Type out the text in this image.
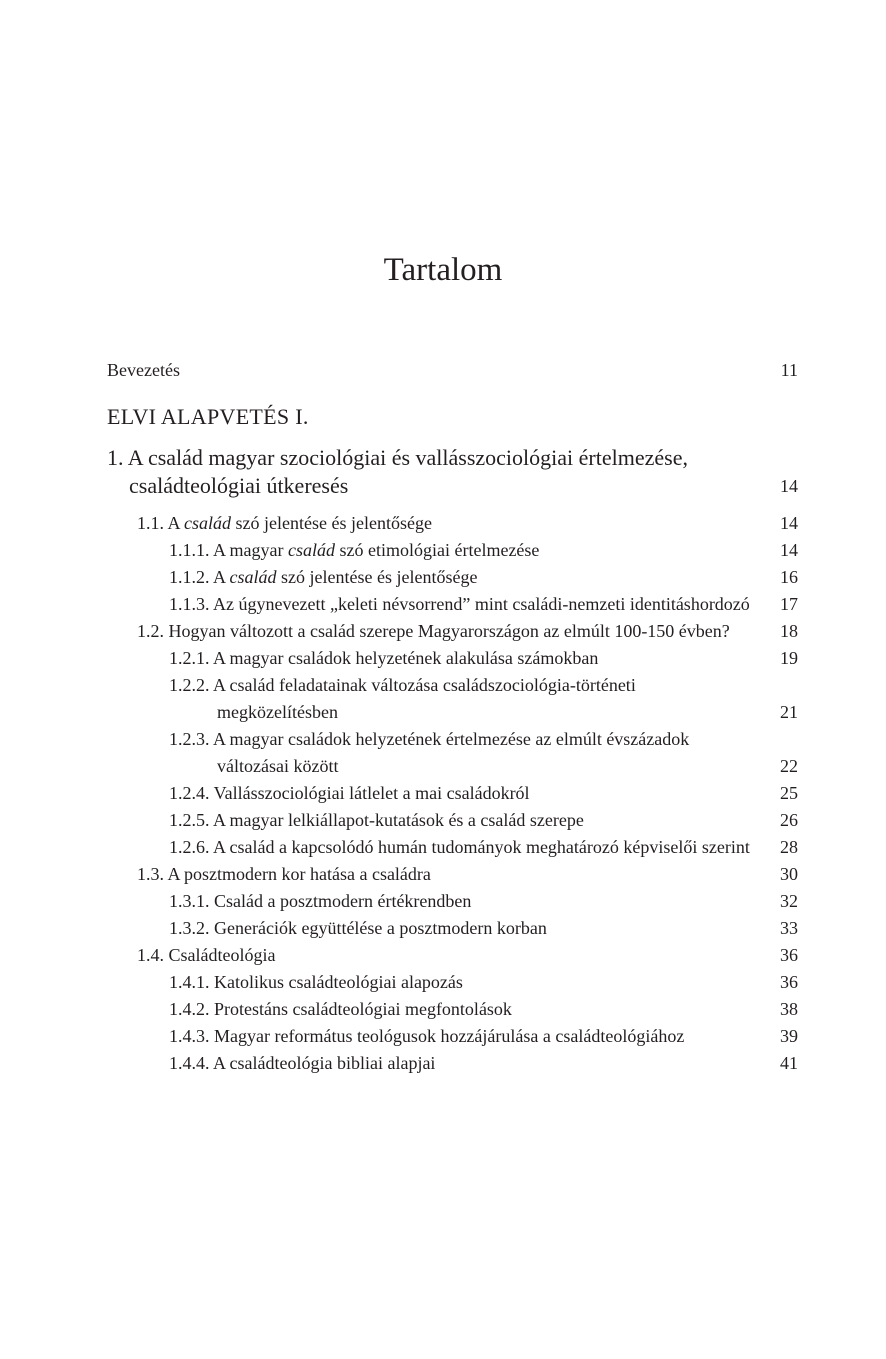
Tartalom
Bevezetés	11
ELVI ALAPVETÉS I.
1. A család magyar szociológiai és vallásszociológiai értelmezése, családteológiai útkeresés	14
1.1. A család szó jelentése és jelentősége	14
1.1.1. A magyar család szó etimológiai értelmezése	14
1.1.2. A család szó jelentése és jelentősége	16
1.1.3. Az úgynevezett „keleti névsorrend” mint családi-nemzeti identitáshordozó	17
1.2. Hogyan változott a család szerepe Magyarországon az elmúlt 100-150 évben?	18
1.2.1. A magyar családok helyzetének alakulása számokban	19
1.2.2. A család feladatainak változása családszociológia-történeti megközelítésben	21
1.2.3. A magyar családok helyzetének értelmezése az elmúlt évszázadok változásai között	22
1.2.4. Vallásszociológiai látlelet a mai családokról	25
1.2.5. A magyar lelkiállapot-kutatások és a család szerepe	26
1.2.6. A család a kapcsolódó humán tudományok meghatározó képviselői szerint	28
1.3. A posztmodern kor hatása a családra	30
1.3.1. Család a posztmodern értékrendben	32
1.3.2. Generációk együttélése a posztmodern korban	33
1.4. Családteológia	36
1.4.1. Katolikus családteológiai alapozás	36
1.4.2. Protestáns családteológiai megfontolások	38
1.4.3. Magyar református teológusok hozzájárulása a családteológiához	39
1.4.4. A családteológia bibliai alapjai	41
